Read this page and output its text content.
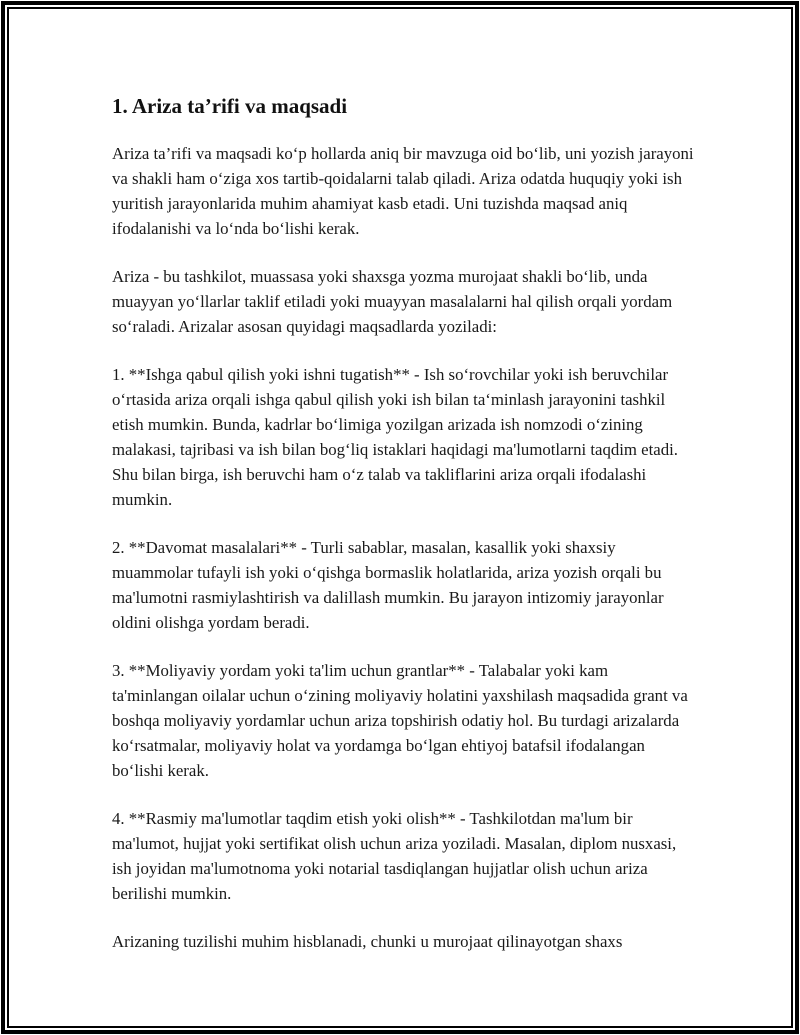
1. Ariza ta’rifi va maqsadi

Ariza ta’rifi va maqsadi koʻp hollarda aniq bir mavzuga oid boʻlib, uni yozish jarayoni va shakli ham oʻziga xos tartib-qoidalarni talab qiladi. Ariza odatda huquqiy yoki ish yuritish jarayonlarida muhim ahamiyat kasb etadi. Uni tuzishda maqsad aniq ifodalanishi va loʻnda boʻlishi kerak.

Ariza - bu tashkilot, muassasa yoki shaxsga yozma murojaat shakli boʻlib, unda muayyan yoʻllarlar taklif etiladi yoki muayyan masalalarni hal qilish orqali yordam soʻraladi. Arizalar asosan quyidagi maqsadlarda yoziladi:

1. **Ishga qabul qilish yoki ishni tugatish** - Ish soʻrovchilar yoki ish beruvchilar oʻrtasida ariza orqali ishga qabul qilish yoki ish bilan taʻminlash jarayonini tashkil etish mumkin. Bunda, kadrlar boʻlimiga yozilgan arizada ish nomzodi oʻzining malakasi, tajribasi va ish bilan bogʻliq istaklari haqidagi ma'lumotlarni taqdim etadi. Shu bilan birga, ish beruvchi ham oʻz talab va takliflarini ariza orqali ifodalashi mumkin.

2. **Davomat masalalari** - Turli sabablar, masalan, kasallik yoki shaxsiy muammolar tufayli ish yoki oʻqishga bormaslik holatlarida, ariza yozish orqali bu ma'lumotni rasmiylashtirish va dalillash mumkin. Bu jarayon intizomiy jarayonlar oldini olishga yordam beradi.

3. **Moliyaviy yordam yoki ta'lim uchun grantlar** - Talabalar yoki kam ta'minlangan oilalar uchun oʻzining moliyaviy holatini yaxshilash maqsadida grant va boshqa moliyaviy yordamlar uchun ariza topshirish odatiy hol. Bu turdagi arizalarda koʻrsatmalar, moliyaviy holat va yordamga boʻlgan ehtiyoj batafsil ifodalangan boʻlishi kerak.

4. **Rasmiy ma'lumotlar taqdim etish yoki olish** - Tashkilotdan ma'lum bir ma'lumot, hujjat yoki sertifikat olish uchun ariza yoziladi. Masalan, diplom nusxasi, ish joyidan ma'lumotnoma yoki notarial tasdiqlangan hujjatlar olish uchun ariza berilishi mumkin.

Arizaning tuzilishi muhim hisblanadi, chunki u murojaat qilinayotgan shaxs
